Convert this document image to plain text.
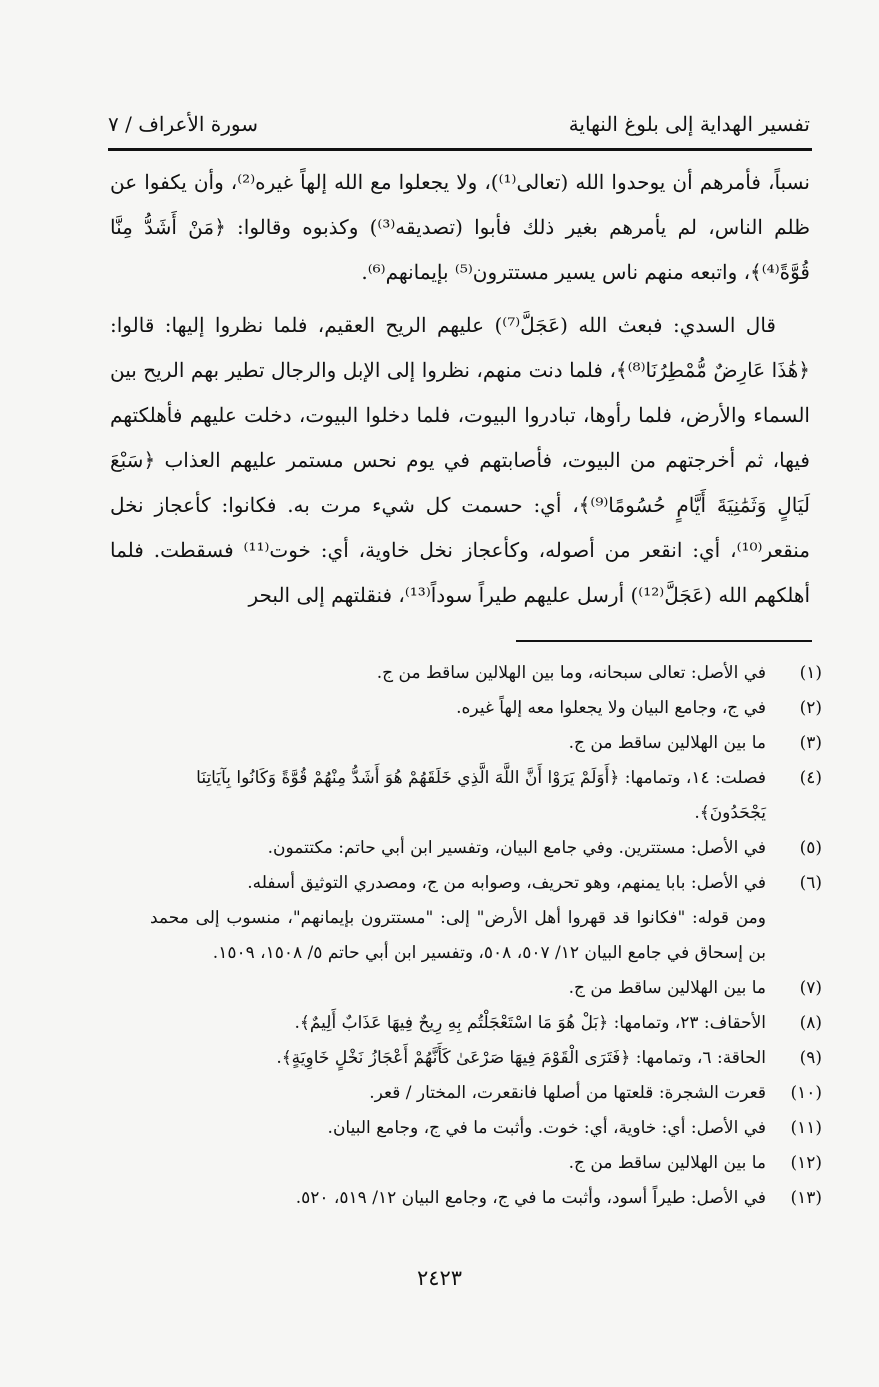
تفسير الهداية إلى بلوغ النهاية
سورة الأعراف / ٧

نسباً، فأمرهم أن يوحدوا الله (تعالى⁽¹⁾)، ولا يجعلوا مع الله إلهاً غيره⁽²⁾، وأن يكفوا عن ظلم الناس، لم يأمرهم بغير ذلك فأبوا (تصديقه⁽³⁾) وكذبوه وقالوا: ﴿مَنْ أَشَدُّ مِنَّا قُوَّةً⁽⁴⁾﴾، واتبعه منهم ناس يسير مستترون⁽⁵⁾ بإيمانهم⁽⁶⁾.

قال السدي: فبعث الله (عَجَلَّ⁽⁷⁾) عليهم الريح العقيم، فلما نظروا إليها: قالوا: ﴿هَٰذَا عَارِضٌ مُّمْطِرُنَا⁽⁸⁾﴾، فلما دنت منهم، نظروا إلى الإبل والرجال تطير بهم الريح بين السماء والأرض، فلما رأوها، تبادروا البيوت، فلما دخلوا البيوت، دخلت عليهم فأهلكتهم فيها، ثم أخرجتهم من البيوت، فأصابتهم في يوم نحس مستمر عليهم العذاب ﴿سَبْعَ لَيَالٍ وَثَمَٰنِيَةَ أَيَّامٍ حُسُومًا⁽⁹⁾﴾، أي: حسمت كل شيء مرت به. فكانوا: كأعجاز نخل منقعر⁽¹⁰⁾، أي: انقعر من أصوله، وكأعجاز نخل خاوية، أي: خوت⁽¹¹⁾ فسقطت. فلما أهلكهم الله (عَجَلَّ⁽¹²⁾) أرسل عليهم طيراً سوداً⁽¹³⁾، فنقلتهم إلى البحر

(١)
في الأصل: تعالى سبحانه، وما بين الهلالين ساقط من ج.
(٢)
في ج، وجامع البيان ولا يجعلوا معه إلهاً غيره.
(٣)
ما بين الهلالين ساقط من ج.
(٤)
فصلت: ١٤، وتمامها: ﴿أَوَلَمْ يَرَوْا أَنَّ اللَّهَ الَّذِي خَلَقَهُمْ هُوَ أَشَدُّ مِنْهُمْ قُوَّةً وَكَانُوا بِآيَاتِنَا يَجْحَدُونَ﴾.
(٥)
في الأصل: مستترين. وفي جامع البيان، وتفسير ابن أبي حاتم: مكتتمون.
(٦)
في الأصل: بابا يمنهم، وهو تحريف، وصوابه من ج، ومصدري التوثيق أسفله.
ومن قوله: "فكانوا قد قهروا أهل الأرض" إلى: "مستترون بإيمانهم"، منسوب إلى محمد بن إسحاق في جامع البيان ١٢/ ٥٠٧، ٥٠٨، وتفسير ابن أبي حاتم ٥/ ١٥٠٨، ١٥٠٩.
(٧)
ما بين الهلالين ساقط من ج.
(٨)
الأحقاف: ٢٣، وتمامها: ﴿بَلْ هُوَ مَا اسْتَعْجَلْتُم بِهِ رِيحٌ فِيهَا عَذَابٌ أَلِيمٌ﴾.
(٩)
الحاقة: ٦، وتمامها: ﴿فَتَرَى الْقَوْمَ فِيهَا صَرْعَىٰ كَأَنَّهُمْ أَعْجَازُ نَخْلٍ خَاوِيَةٍ﴾.
(١٠)
قعرت الشجرة: قلعتها من أصلها فانقعرت، المختار / قعر.
(١١)
في الأصل: أي: خاوية، أي: خوت. وأثبت ما في ج، وجامع البيان.
(١٢)
ما بين الهلالين ساقط من ج.
(١٣)
في الأصل: طيراً أسود، وأثبت ما في ج، وجامع البيان ١٢/ ٥١٩، ٥٢٠.
٢٤٢٣
